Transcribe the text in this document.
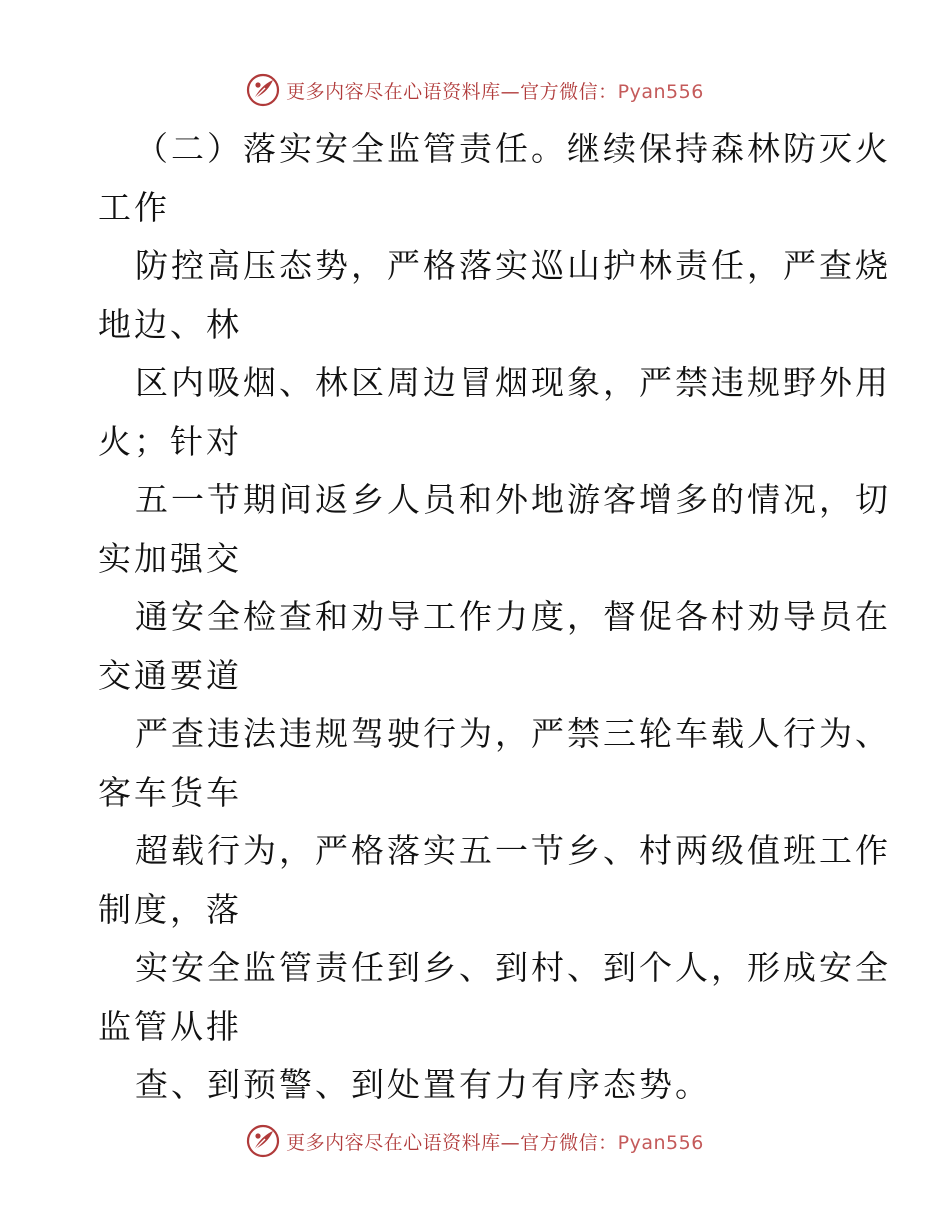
更多内容尽在心语资料库—官方微信：Pyan556
（二）落实安全监管责任。继续保持森林防灭火
工作
防控高压态势，严格落实巡山护林责任，严查烧
地边、林
区内吸烟、林区周边冒烟现象，严禁违规野外用
火；针对
五一节期间返乡人员和外地游客增多的情况，切
实加强交
通安全检查和劝导工作力度，督促各村劝导员在
交通要道
严查违法违规驾驶行为，严禁三轮车载人行为、
客车货车
超载行为，严格落实五一节乡、村两级值班工作
制度，落
实安全监管责任到乡、到村、到个人，形成安全
监管从排
查、到预警、到处置有力有序态势。
更多内容尽在心语资料库—官方微信：Pyan556
